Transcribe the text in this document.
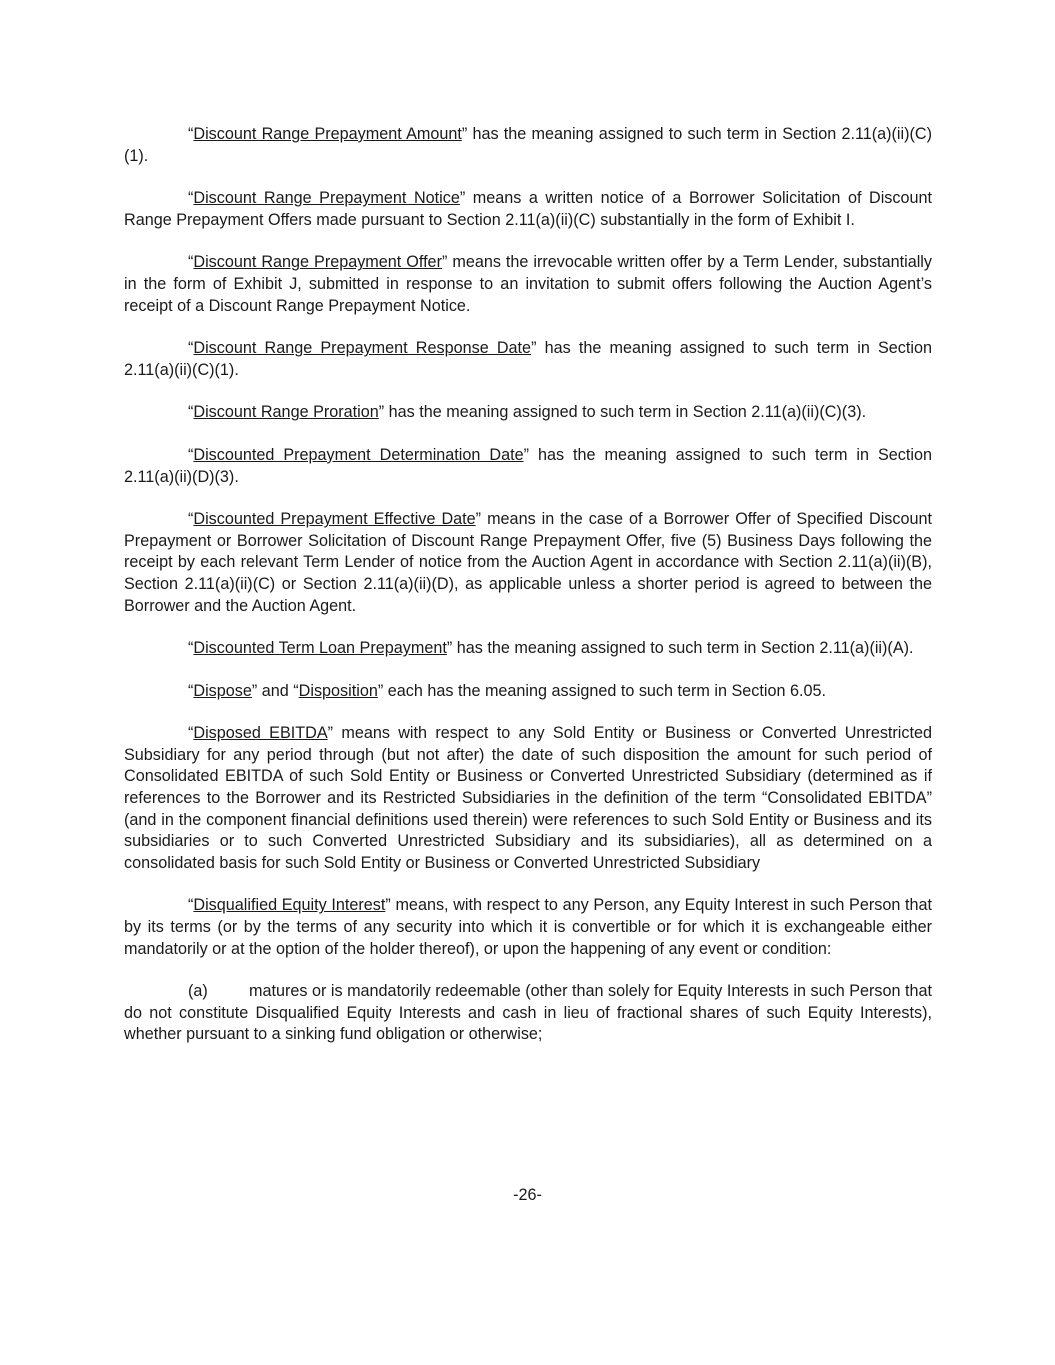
“Discount Range Prepayment Amount” has the meaning assigned to such term in Section 2.11(a)(ii)(C)(1).

“Discount Range Prepayment Notice” means a written notice of a Borrower Solicitation of Discount Range Prepayment Offers made pursuant to Section 2.11(a)(ii)(C) substantially in the form of Exhibit I.

“Discount Range Prepayment Offer” means the irrevocable written offer by a Term Lender, substantially in the form of Exhibit J, submitted in response to an invitation to submit offers following the Auction Agent’s receipt of a Discount Range Prepayment Notice.

“Discount Range Prepayment Response Date” has the meaning assigned to such term in Section 2.11(a)(ii)(C)(1).

“Discount Range Proration” has the meaning assigned to such term in Section 2.11(a)(ii)(C)(3).

“Discounted Prepayment Determination Date” has the meaning assigned to such term in Section 2.11(a)(ii)(D)(3).

“Discounted Prepayment Effective Date” means in the case of a Borrower Offer of Specified Discount Prepayment or Borrower Solicitation of Discount Range Prepayment Offer, five (5) Business Days following the receipt by each relevant Term Lender of notice from the Auction Agent in accordance with Section 2.11(a)(ii)(B), Section 2.11(a)(ii)(C) or Section 2.11(a)(ii)(D), as applicable unless a shorter period is agreed to between the Borrower and the Auction Agent.

“Discounted Term Loan Prepayment” has the meaning assigned to such term in Section 2.11(a)(ii)(A).

“Dispose” and “Disposition” each has the meaning assigned to such term in Section 6.05.

“Disposed EBITDA” means with respect to any Sold Entity or Business or Converted Unrestricted Subsidiary for any period through (but not after) the date of such disposition the amount for such period of Consolidated EBITDA of such Sold Entity or Business or Converted Unrestricted Subsidiary (determined as if references to the Borrower and its Restricted Subsidiaries in the definition of the term “Consolidated EBITDA” (and in the component financial definitions used therein) were references to such Sold Entity or Business and its subsidiaries or to such Converted Unrestricted Subsidiary and its subsidiaries), all as determined on a consolidated basis for such Sold Entity or Business or Converted Unrestricted Subsidiary

“Disqualified Equity Interest” means, with respect to any Person, any Equity Interest in such Person that by its terms (or by the terms of any security into which it is convertible or for which it is exchangeable either mandatorily or at the option of the holder thereof), or upon the happening of any event or condition:

(a)	matures or is mandatorily redeemable (other than solely for Equity Interests in such Person that do not constitute Disqualified Equity Interests and cash in lieu of fractional shares of such Equity Interests), whether pursuant to a sinking fund obligation or otherwise;

-26-
